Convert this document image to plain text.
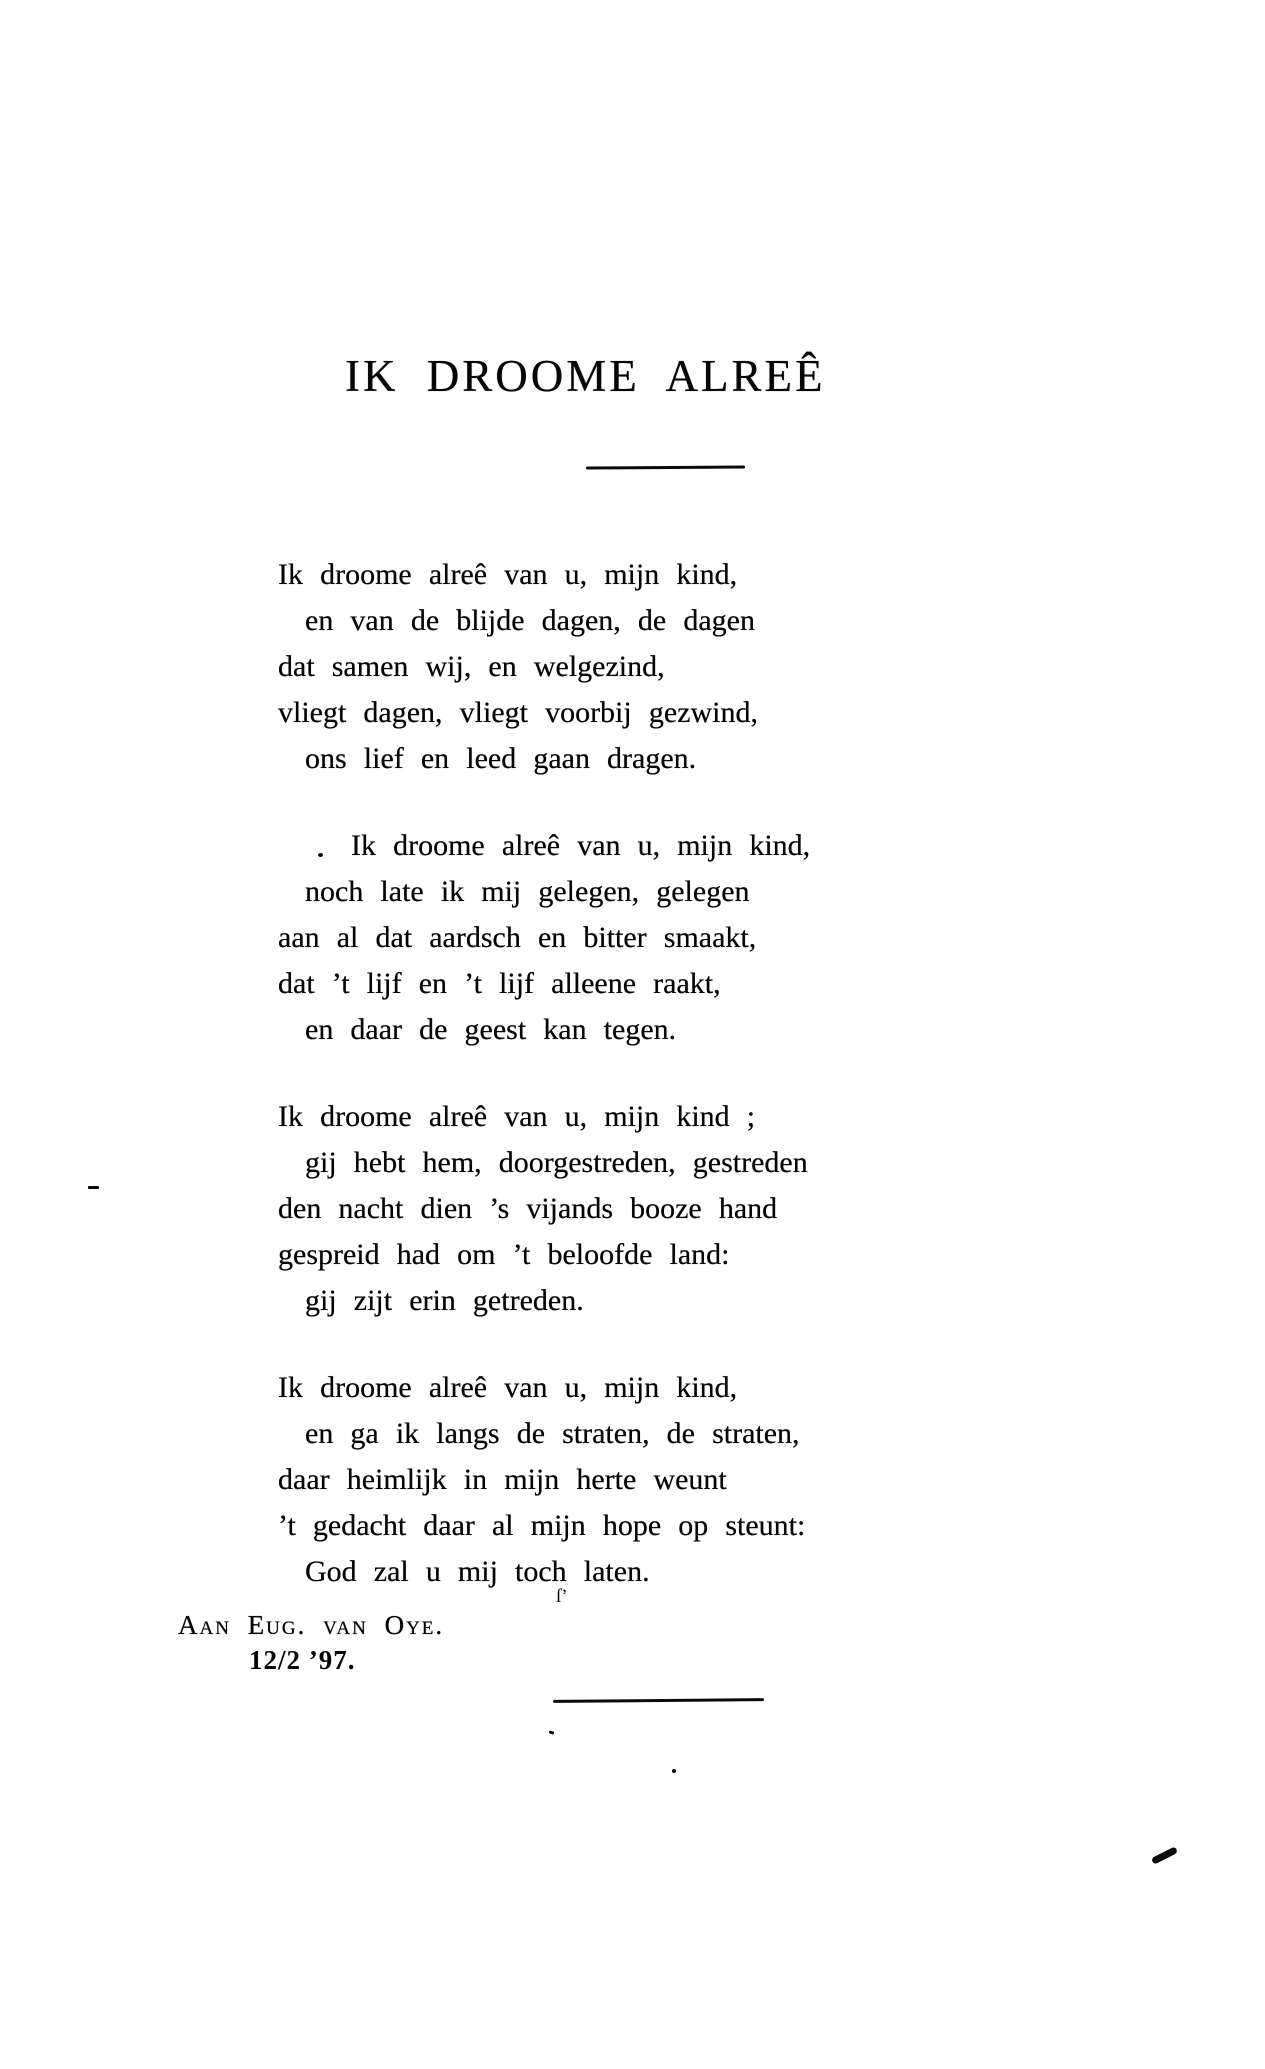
IK DROOME ALREÊ
Ik droome alreê van u, mijn kind,
en van de blijde dagen, de dagen
dat samen wij, en welgezind,
vliegt dagen, vliegt voorbij gezwind,
ons lief en leed gaan dragen.
Ik droome alreê van u, mijn kind,
noch late ik mij gelegen, gelegen
aan al dat aardsch en bitter smaakt,
dat ’t lijf en ’t lijf alleene raakt,
en daar de geest kan tegen.
Ik droome alreê van u, mijn kind ;
gij hebt hem, doorgestreden, gestreden
den nacht dien ’s vijands booze hand
gespreid had om ’t beloofde land:
gij zijt erin getreden.
Ik droome alreê van u, mijn kind,
en ga ik langs de straten, de straten,
daar heimlijk in mijn herte weunt
’t gedacht daar al mijn hope op steunt:
God zal u mij toch laten.
Aan Eug. van Oye.
12/2 ’97.
ſ’
